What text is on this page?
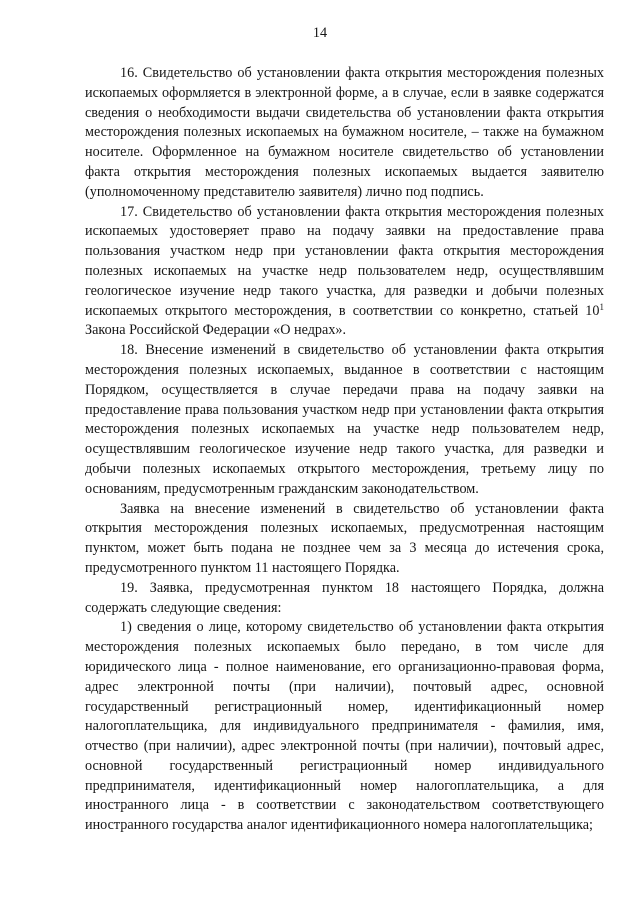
14
16. Свидетельство об установлении факта открытия месторождения полезных
ископаемых оформляется в электронной форме, а в случае, если в заявке содержатся
сведения о необходимости выдачи свидетельства об установлении факта открытия
месторождения полезных ископаемых на бумажном носителе, – также на бумажном
носителе. Оформленное на бумажном носителе свидетельство об установлении
факта открытия месторождения полезных ископаемых выдается заявителю
(уполномоченному представителю заявителя) лично под подпись.
17. Свидетельство об установлении факта открытия месторождения полезных
ископаемых удостоверяет право на подачу заявки на предоставление права
пользования участком недр при установлении факта открытия месторождения
полезных ископаемых на участке недр пользователем недр, осуществлявшим
геологическое изучение недр такого участка, для разведки и добычи полезных
ископаемых открытого месторождения, в соответствии со конкретно, статьей $10^1$
Закона Российской Федерации «О недрах».
18. Внесение изменений в свидетельство об установлении факта открытия
месторождения полезных ископаемых, выданное в соответствии с настоящим
Порядком, осуществляется в случае передачи права на подачу заявки на
предоставление права пользования участком недр при установлении факта открытия
месторождения полезных ископаемых на участке недр пользователем недр,
осуществлявшим геологическое изучение недр такого участка, для разведки и
добычи полезных ископаемых открытого месторождения, третьему лицу по
основаниям, предусмотренным гражданским законодательством.
Заявка на внесение изменений в свидетельство об установлении факта
открытия месторождения полезных ископаемых, предусмотренная настоящим
пунктом, может быть подана не позднее чем за 3 месяца до истечения срока,
предусмотренного пунктом 11 настоящего Порядка.
19. Заявка, предусмотренная пунктом 18 настоящего Порядка, должна
содержать следующие сведения:
1) сведения о лице, которому свидетельство об установлении факта открытия
месторождения полезных ископаемых было передано, в том числе для
юридического лица - полное наименование, его организационно-правовая форма,
адрес электронной почты (при наличии), почтовый адрес, основной
государственный регистрационный номер, идентификационный номер
налогоплательщика, для индивидуального предпринимателя - фамилия, имя,
отчество (при наличии), адрес электронной почты (при наличии), почтовый адрес,
основной государственный регистрационный номер индивидуального
предпринимателя, идентификационный номер налогоплательщика, а для
иностранного лица - в соответствии с законодательством соответствующего
иностранного государства аналог идентификационного номера налогоплательщика;
